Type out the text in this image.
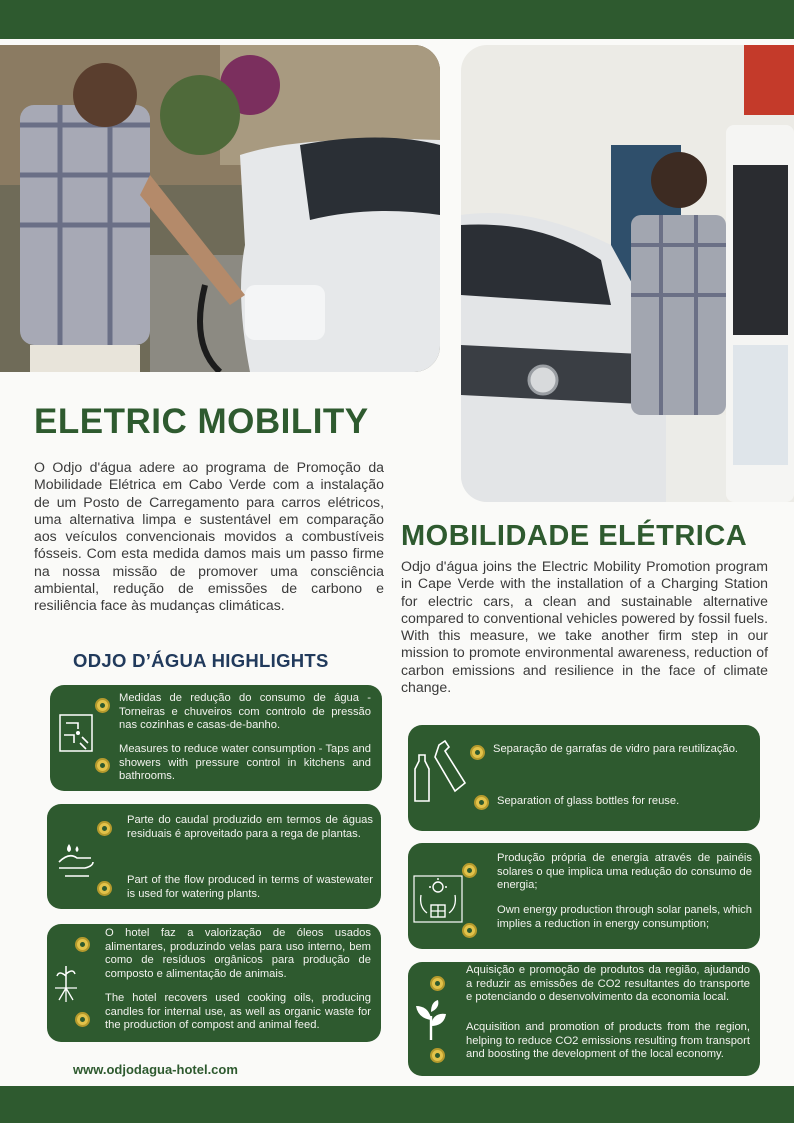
ELETRIC MOBILITY
O Odjo d'água adere ao programa de Promoção da Mobilidade Elétrica em Cabo Verde com a instalação de um Posto de Carregamento para carros elétricos, uma alternativa limpa e sustentável em comparação aos veículos convencionais movidos a combustíveis fósseis. Com esta medida damos mais um passo firme na nossa missão de promover uma consciência ambiental, redução de emissões de carbono e resiliência face às mudanças climáticas.
MOBILIDADE ELÉTRICA
Odjo d'água joins the Electric Mobility Promotion program in Cape Verde with the installation of a Charging Station for electric cars, a clean and sustainable alternative compared to conventional vehicles powered by fossil fuels. With this measure, we take another firm step in our mission to promote environmental awareness, reduction of carbon emissions and resilience in the face of climate change.
ODJO D’ÁGUA HIGHLIGHTS
Medidas de redução do consumo de água - Torneiras e chuveiros com controlo de pressão nas cozinhas e casas-de-banho.
Measures to reduce water consumption - Taps and showers with pressure control in kitchens and bathrooms.
Parte do caudal produzido em termos de águas residuais é aproveitado para a rega de plantas.
Part of the flow produced in terms of wastewater is used for watering plants.
O hotel faz a valorização de óleos usados alimentares, produzindo velas para uso interno, bem como de resíduos orgânicos para produção de composto e alimentação de animais.
The hotel recovers used cooking oils, producing candles for internal use, as well as organic waste for the production of compost and animal feed.
Separação de garrafas de vidro para reutilização.
Separation of glass bottles for reuse.
Produção própria de energia através de painéis solares o que implica uma redução do consumo de energia;
Own energy production through solar panels, which implies a reduction in energy consumption;
Aquisição e promoção de produtos da região, ajudando a reduzir as emissões de CO2 resultantes do transporte e potenciando o desenvolvimento da economia local.
Acquisition and promotion of products from the region, helping to reduce CO2 emissions resulting from transport and boosting the development of the local economy.
www.odjodagua-hotel.com
